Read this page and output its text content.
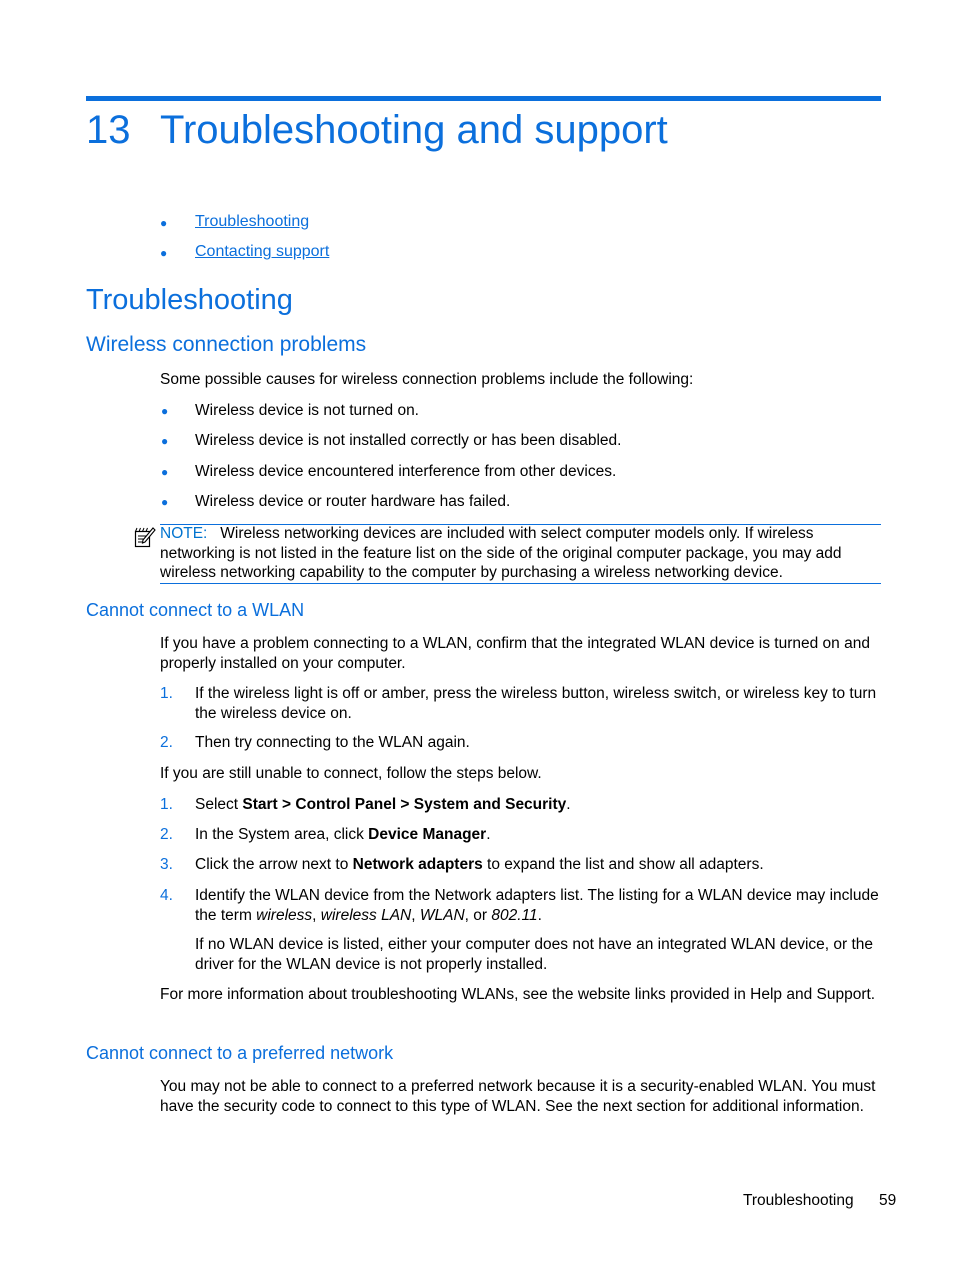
13 Troubleshooting and support
● Troubleshooting
● Contacting support
Troubleshooting
Wireless connection problems
Some possible causes for wireless connection problems include the following:
● Wireless device is not turned on.
● Wireless device is not installed correctly or has been disabled.
● Wireless device encountered interference from other devices.
● Wireless device or router hardware has failed.
NOTE: Wireless networking devices are included with select computer models only. If wireless networking is not listed in the feature list on the side of the original computer package, you may add wireless networking capability to the computer by purchasing a wireless networking device.
Cannot connect to a WLAN
If you have a problem connecting to a WLAN, confirm that the integrated WLAN device is turned on and properly installed on your computer.
1. If the wireless light is off or amber, press the wireless button, wireless switch, or wireless key to turn the wireless device on.
2. Then try connecting to the WLAN again.
If you are still unable to connect, follow the steps below.
1. Select Start > Control Panel > System and Security.
2. In the System area, click Device Manager.
3. Click the arrow next to Network adapters to expand the list and show all adapters.
4. Identify the WLAN device from the Network adapters list. The listing for a WLAN device may include the term wireless, wireless LAN, WLAN, or 802.11.
If no WLAN device is listed, either your computer does not have an integrated WLAN device, or the driver for the WLAN device is not properly installed.
For more information about troubleshooting WLANs, see the website links provided in Help and Support.
Cannot connect to a preferred network
You may not be able to connect to a preferred network because it is a security-enabled WLAN. You must have the security code to connect to this type of WLAN. See the next section for additional information.
Troubleshooting 59
